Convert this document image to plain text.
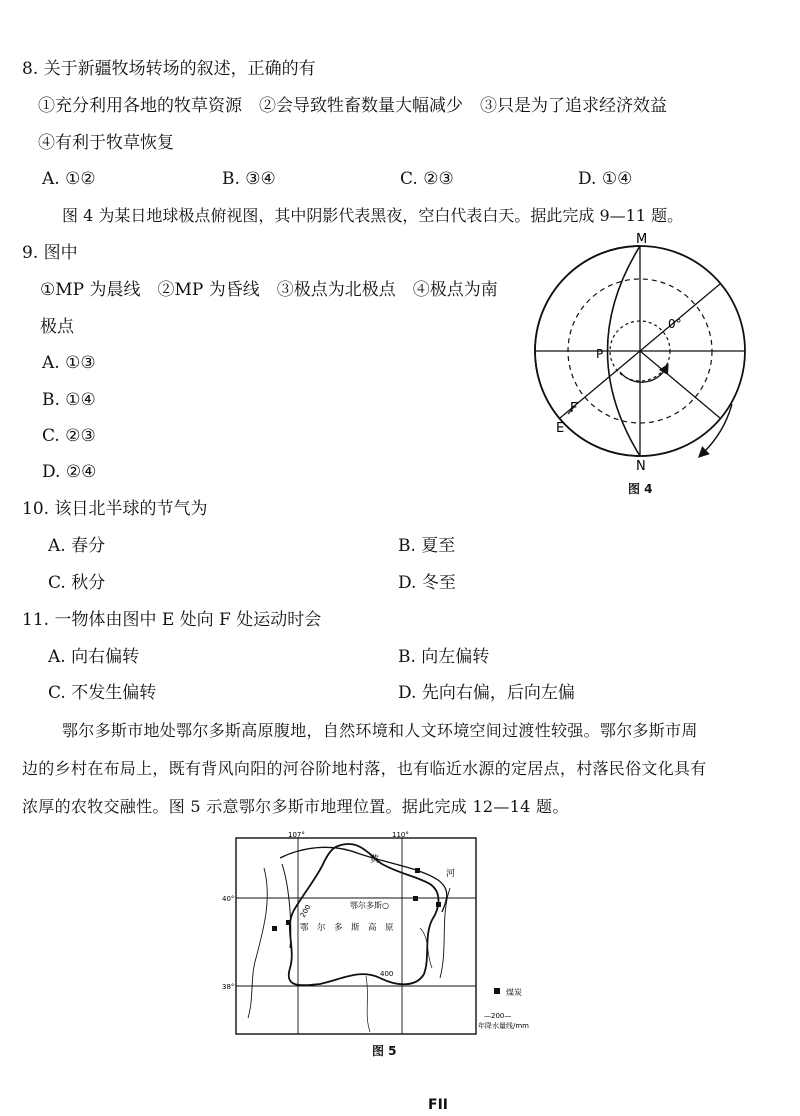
8. 关于新疆牧场转场的叙述，正确的有
①充分利用各地的牧草资源　②会导致牲畜数量大幅减少　③只是为了追求经济效益
④有利于牧草恢复
A. ①②	B. ③④	C. ②③	D. ①④
图 4 为某日地球极点俯视图，其中阴影代表黑夜，空白代表白天。据此完成 9—11 题。
9. 图中
①MP 为晨线　②MP 为昏线　③极点为北极点　④极点为南
极点
A. ①③
B. ①④
C. ②③
D. ②④
M
N
P
E
F
0°
图 4
10. 该日北半球的节气为
A. 春分	B. 夏至
C. 秋分	D. 冬至
11. 一物体由图中 E 处向 F 处运动时会
A. 向右偏转	B. 向左偏转
C. 不发生偏转	D. 先向右偏，后向左偏
鄂尔多斯市地处鄂尔多斯高原腹地，自然环境和人文环境空间过渡性较强。鄂尔多斯市周
边的乡村在布局上，既有背风向阳的河谷阶地村落，也有临近水源的定居点，村落民俗文化具有
浓厚的农牧交融性。图 5 示意鄂尔多斯市地理位置。据此完成 12—14 题。
107°	110°
40°
38°
黄
河
鄂尔多斯○
鄂　尔　多　斯　高　原
200
400
煤炭
—200—
年降水量线/mm
图 5
FII
